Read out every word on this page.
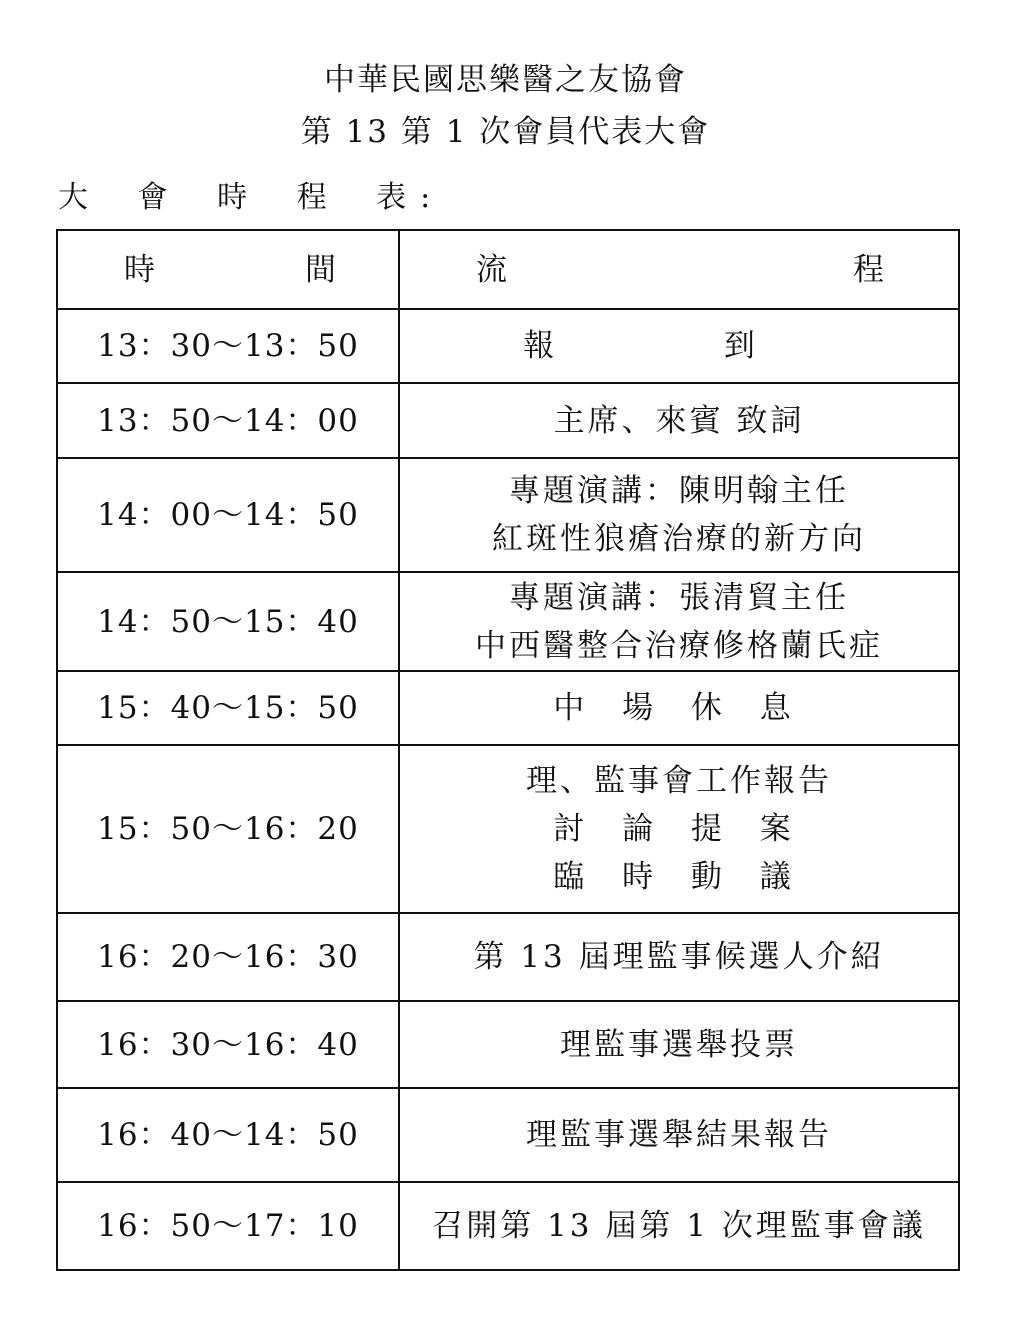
中華民國思樂醫之友協會
第 13 第 1 次會員代表大會
大 會 時 程 表:
時 間	流 程

13：30～13：50	報 到

13：50～14：00	主席、來賓 致詞

14：00～14：50	專題演講：陳明翰主任
紅斑性狼瘡治療的新方向

14：50～15：40	專題演講：張清貿主任
中西醫整合治療修格蘭氏症

15：40～15：50	中 場 休 息

15：50～16：20	理、監事會工作報告
討 論 提 案
臨 時 動 議

16：20～16：30	第 13 屆理監事候選人介紹

16：30～16：40	理監事選舉投票

16：40～14：50	理監事選舉結果報告

16：50～17：10	召開第 13 屆第 1 次理監事會議
